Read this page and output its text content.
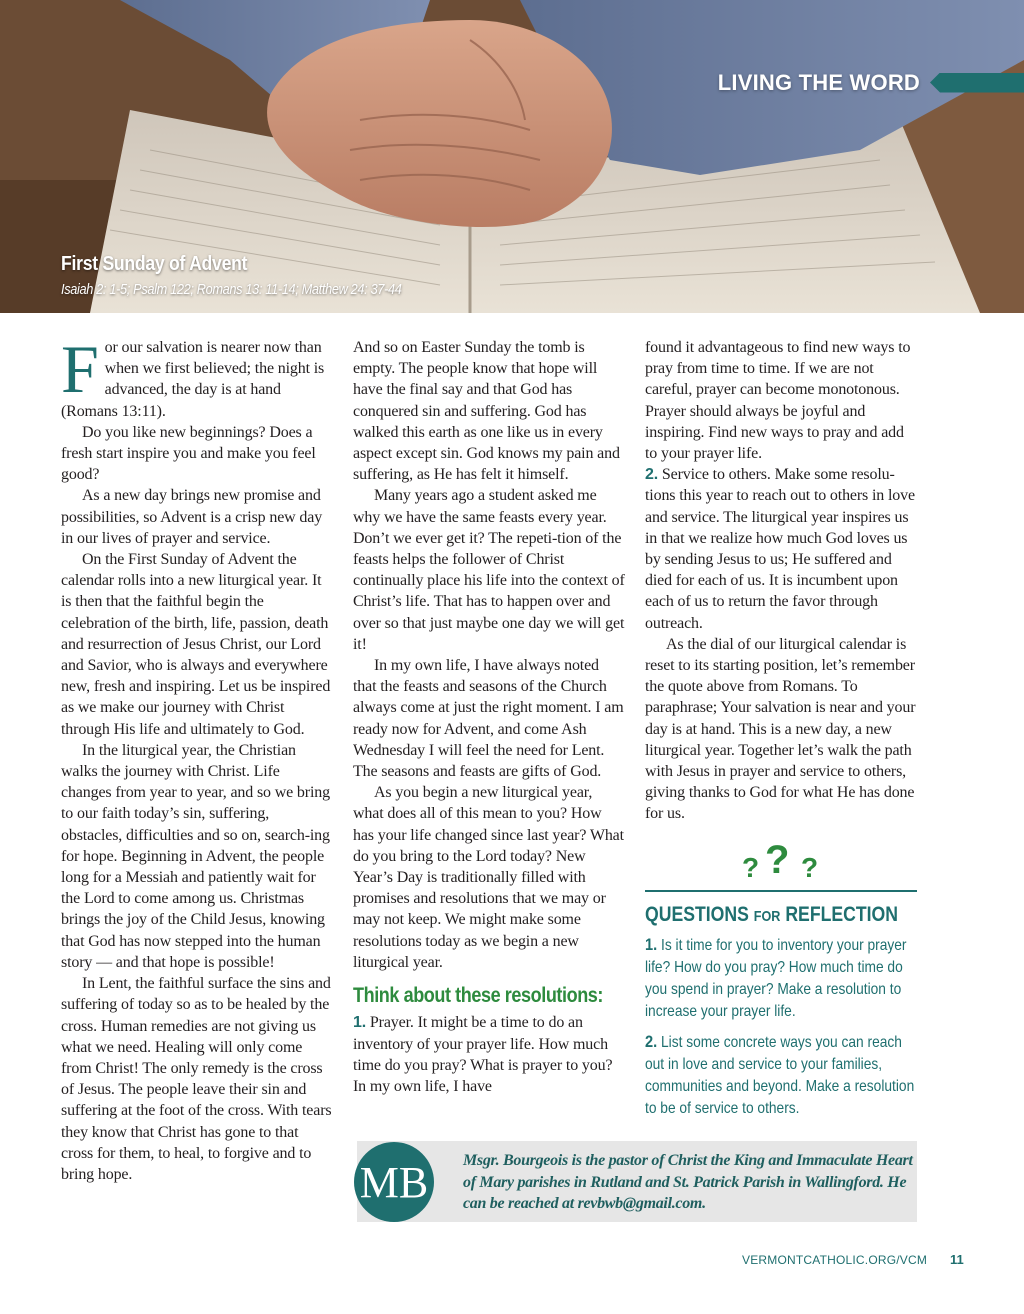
LIVING THE WORD
First Sunday of Advent
Isaiah 2: 1-5; Psalm 122; Romans 13: 11-14; Matthew 24: 37-44

For our salvation is nearer now than when we first believed; the night is advanced, the day is at hand (Romans 13:11).

Do you like new beginnings? Does a fresh start inspire you and make you feel good?

As a new day brings new promise and possibilities, so Advent is a crisp new day in our lives of prayer and service.

On the First Sunday of Advent the calendar rolls into a new liturgical year. It is then that the faithful begin the celebration of the birth, life, passion, death and resurrection of Jesus Christ, our Lord and Savior, who is always and everywhere new, fresh and inspiring. Let us be inspired as we make our journey with Christ through His life and ultimately to God.

In the liturgical year, the Christian walks the journey with Christ. Life changes from year to year, and so we bring to our faith today’s sin, suffering, obstacles, difficulties and so on, search-ing for hope. Beginning in Advent, the people long for a Messiah and patiently wait for the Lord to come among us. Christmas brings the joy of the Child Jesus, knowing that God has now stepped into the human story — and that hope is possible!

In Lent, the faithful surface the sins and suffering of today so as to be healed by the cross. Human remedies are not giving us what we need. Healing will only come from Christ! The only remedy is the cross of Jesus. The people leave their sin and suffering at the foot of the cross. With tears they know that Christ has gone to that cross for them, to heal, to forgive and to bring hope.

And so on Easter Sunday the tomb is empty. The people know that hope will have the final say and that God has conquered sin and suffering. God has walked this earth as one like us in every aspect except sin. God knows my pain and suffering, as He has felt it himself.

Many years ago a student asked me why we have the same feasts every year. Don’t we ever get it? The repeti-tion of the feasts helps the follower of Christ continually place his life into the context of Christ’s life. That has to happen over and over so that just maybe one day we will get it!

In my own life, I have always noted that the feasts and seasons of the Church always come at just the right moment. I am ready now for Advent, and come Ash Wednesday I will feel the need for Lent. The seasons and feasts are gifts of God.

As you begin a new liturgical year, what does all of this mean to you? How has your life changed since last year? What do you bring to the Lord today? New Year’s Day is traditionally filled with promises and resolutions that we may or may not keep. We might make some resolutions today as we begin a new liturgical year.

Think about these resolutions:

1. Prayer. It might be a time to do an inventory of your prayer life. How much time do you pray? What is prayer to you? In my own life, I have

found it advantageous to find new ways to pray from time to time. If we are not careful, prayer can become monotonous. Prayer should always be joyful and inspiring. Find new ways to pray and add to your prayer life.

2. Service to others. Make some resolu-tions this year to reach out to others in love and service. The liturgical year inspires us in that we realize how much God loves us by sending Jesus to us; He suffered and died for each of us. It is incumbent upon each of us to return the favor through outreach.

As the dial of our liturgical calendar is reset to its starting position, let’s remember the quote above from Romans. To paraphrase; Your salvation is near and your day is at hand. This is a new day, a new liturgical year. Together let’s walk the path with Jesus in prayer and service to others, giving thanks to God for what He has done for us.

? ? ?
QUESTIONS FOR REFLECTION

1. Is it time for you to inventory your prayer life? How do you pray? How much time do you spend in prayer? Make a resolution to increase your prayer life.

2. List some concrete ways you can reach out in love and service to your families, communities and beyond. Make a resolution to be of service to others.

MB Msgr. Bourgeois is the pastor of Christ the King and Immaculate Heart of Mary parishes in Rutland and St. Patrick Parish in Wallingford. He can be reached at revbwb@gmail.com.
VERMONTCATHOLIC.ORG/VCM 11
